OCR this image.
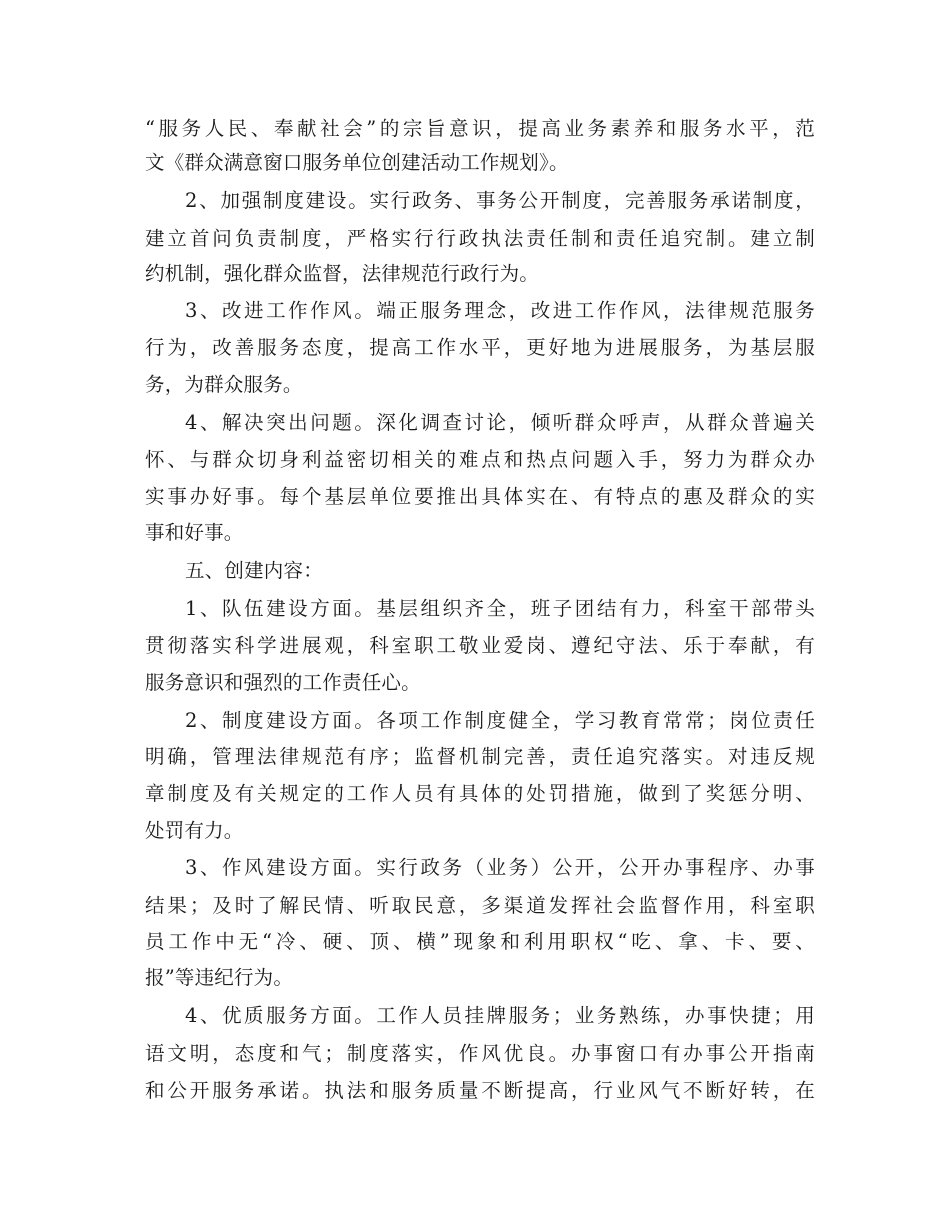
“服务人民、奉献社会”的宗旨意识，提高业务素养和服务水平，范
文《群众满意窗口服务单位创建活动工作规划》。
2、加强制度建设。实行政务、事务公开制度，完善服务承诺制度，
建立首问负责制度，严格实行行政执法责任制和责任追究制。建立制
约机制，强化群众监督，法律规范行政行为。
3、改进工作作风。端正服务理念，改进工作作风，法律规范服务
行为，改善服务态度，提高工作水平，更好地为进展服务，为基层服
务，为群众服务。
4、解决突出问题。深化调查讨论，倾听群众呼声，从群众普遍关
怀、与群众切身利益密切相关的难点和热点问题入手，努力为群众办
实事办好事。每个基层单位要推出具体实在、有特点的惠及群众的实
事和好事。
五、创建内容：
1、队伍建设方面。基层组织齐全，班子团结有力，科室干部带头
贯彻落实科学进展观，科室职工敬业爱岗、遵纪守法、乐于奉献，有
服务意识和强烈的工作责任心。
2、制度建设方面。各项工作制度健全，学习教育常常；岗位责任
明确，管理法律规范有序；监督机制完善，责任追究落实。对违反规
章制度及有关规定的工作人员有具体的处罚措施，做到了奖惩分明、
处罚有力。
3、作风建设方面。实行政务（业务）公开，公开办事程序、办事
结果；及时了解民情、听取民意，多渠道发挥社会监督作用，科室职
员工作中无“冷、硬、顶、横”现象和利用职权“吃、拿、卡、要、
报”等违纪行为。
4、优质服务方面。工作人员挂牌服务；业务熟练，办事快捷；用
语文明，态度和气；制度落实，作风优良。办事窗口有办事公开指南
和公开服务承诺。执法和服务质量不断提高，行业风气不断好转，在
